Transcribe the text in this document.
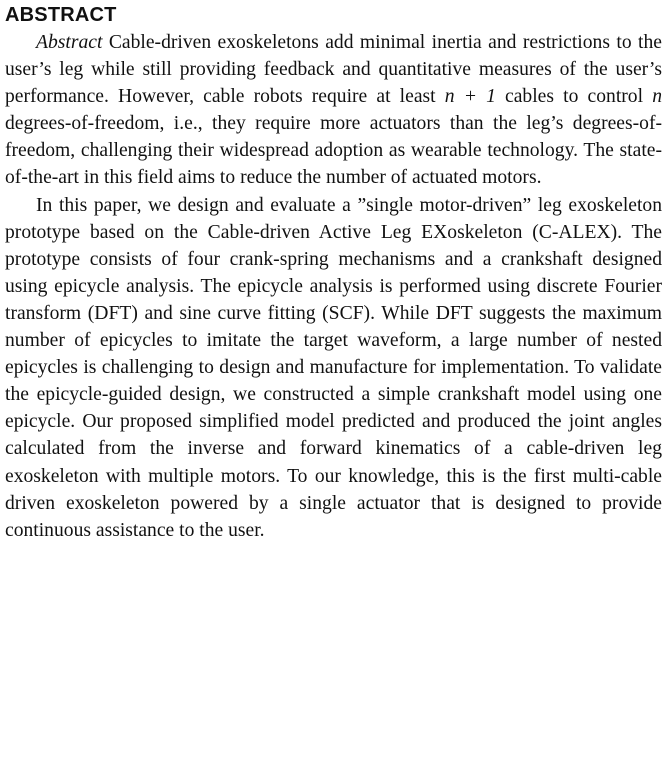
ABSTRACT

Abstract Cable-driven exoskeletons add minimal inertia and restrictions to the user’s leg while still providing feedback and quantitative measures of the user’s performance. However, cable robots require at least n + 1 cables to control n degrees-of-freedom, i.e., they require more actuators than the leg’s degrees-of-freedom, challenging their widespread adoption as wearable technology. The state-of-the-art in this field aims to reduce the number of actuated motors.

In this paper, we design and evaluate a ”single motor-driven” leg exoskeleton prototype based on the Cable-driven Active Leg EXoskeleton (C-ALEX). The prototype consists of four crank-spring mechanisms and a crankshaft designed using epicycle analysis. The epicycle analysis is performed using discrete Fourier transform (DFT) and sine curve fitting (SCF). While DFT suggests the maximum number of epicycles to imitate the target waveform, a large number of nested epicycles is challenging to design and manufacture for implementation. To validate the epicycle-guided design, we constructed a simple crankshaft model using one epicycle. Our proposed simplified model predicted and produced the joint angles calculated from the inverse and forward kinematics of a cable-driven leg exoskeleton with multiple motors. To our knowledge, this is the first multi-cable driven exoskeleton powered by a single actuator that is designed to provide continuous assistance to the user.
